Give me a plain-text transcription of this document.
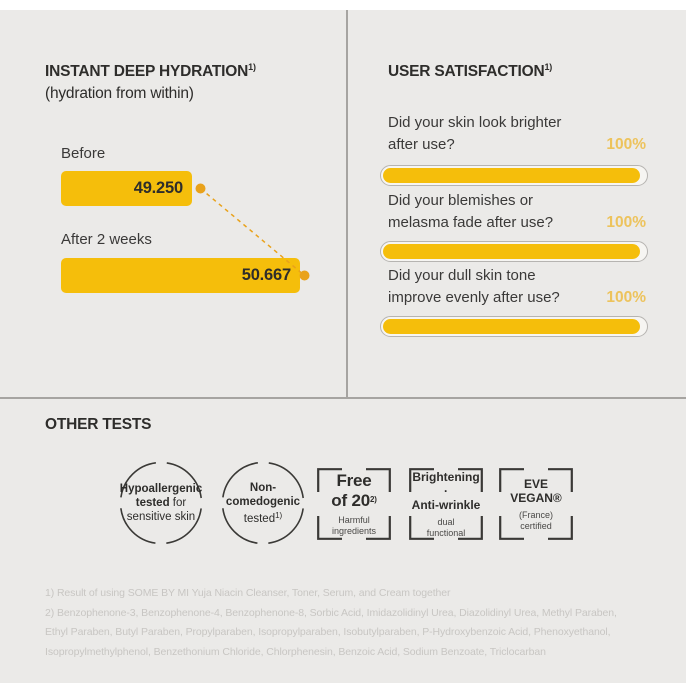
INSTANT DEEP HYDRATION$^{1)}$
(hydration from within)
Before
49.250
After 2 weeks
50.667
USER SATISFACTION$^{1)}$
Did your skin look brighter
after use?	100%
Did your blemishes or
melasma fade after use?	100%
Did your dull skin tone
improve evenly after use?	100%
OTHER TESTS
Hypoallergenic
tested for
sensitive skin
Non-
comedogenic
tested$^{1)}$
Free
of 20$^{2)}$
Harmful
ingredients
Brightening ·
Anti-wrinkle
dual
functional
EVE
VEGAN®
(France)
certified
1) Result of using SOME BY MI Yuja Niacin Cleanser, Toner, Serum, and Cream together
2) Benzophenone-3, Benzophenone-4, Benzophenone-8, Sorbic Acid, Imidazolidinyl Urea, Diazolidinyl Urea, Methyl Paraben,
Ethyl Paraben, Butyl Paraben, Propylparaben, Isopropylparaben, Isobutylparaben, P-Hydroxybenzoic Acid, Phenoxyethanol,
Isopropylmethylphenol, Benzethonium Chloride, Chlorphenesin, Benzoic Acid, Sodium Benzoate, Triclocarban
